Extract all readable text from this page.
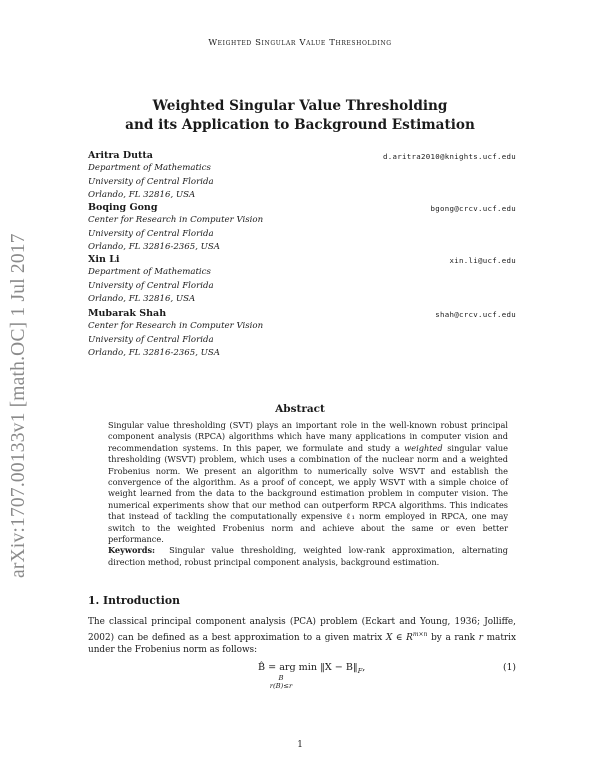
Weighted Singular Value Thresholding
arXiv:1707.00133v1 [math.OC] 1 Jul 2017
Weighted Singular Value Thresholding
and its Application to Background Estimation
Aritra Dutta	d.aritra2010@knights.ucf.edu
Department of Mathematics
University of Central Florida
Orlando, FL 32816, USA
Boqing Gong	bgong@crcv.ucf.edu
Center for Research in Computer Vision
University of Central Florida
Orlando, FL 32816-2365, USA
Xin Li	xin.li@ucf.edu
Department of Mathematics
University of Central Florida
Orlando, FL 32816, USA
Mubarak Shah	shah@crcv.ucf.edu
Center for Research in Computer Vision
University of Central Florida
Orlando, FL 32816-2365, USA
Abstract

Singular value thresholding (SVT) plays an important role in the well-known robust principal component analysis (RPCA) algorithms which have many applications in computer vision and recommendation systems. In this paper, we formulate and study a weighted singular value thresholding (WSVT) problem, which uses a combination of the nuclear norm and a weighted Frobenius norm. We present an algorithm to numerically solve WSVT and establish the convergence of the algorithm. As a proof of concept, we apply WSVT with a simple choice of weight learned from the data to the background estimation problem in computer vision. The numerical experiments show that our method can outperform RPCA algorithms. This indicates that instead of tackling the computationally expensive ℓ₁ norm employed in RPCA, one may switch to the weighted Frobenius norm and achieve about the same or even better performance.

Keywords: Singular value thresholding, weighted low-rank approximation, alternating direction method, robust principal component analysis, background estimation.

1. Introduction
The classical principal component analysis (PCA) problem (Eckart and Young, 1936; Jolliffe, 2002) can be defined as a best approximation to a given matrix X ∈ $R^{m\times n}$ by a rank r matrix under the Frobenius norm as follows:
B̂ = arg min ‖X − $B‖_F$,
B
r(B)≤r
(1)
1
